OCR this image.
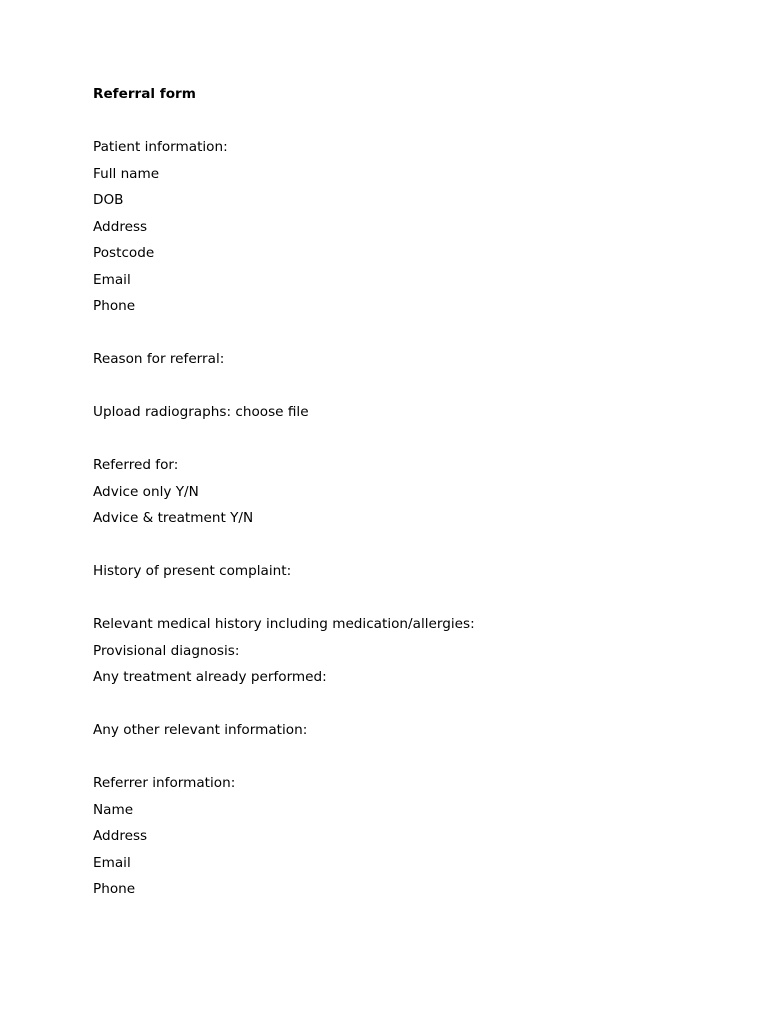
Referral form
Patient information:
Full name
DOB
Address
Postcode
Email
Phone
Reason for referral:
Upload radiographs: choose file
Referred for:
Advice only Y/N
Advice & treatment Y/N
History of present complaint:
Relevant medical history including medication/allergies:
Provisional diagnosis:
Any treatment already performed:
Any other relevant information:
Referrer information:
Name
Address
Email
Phone
